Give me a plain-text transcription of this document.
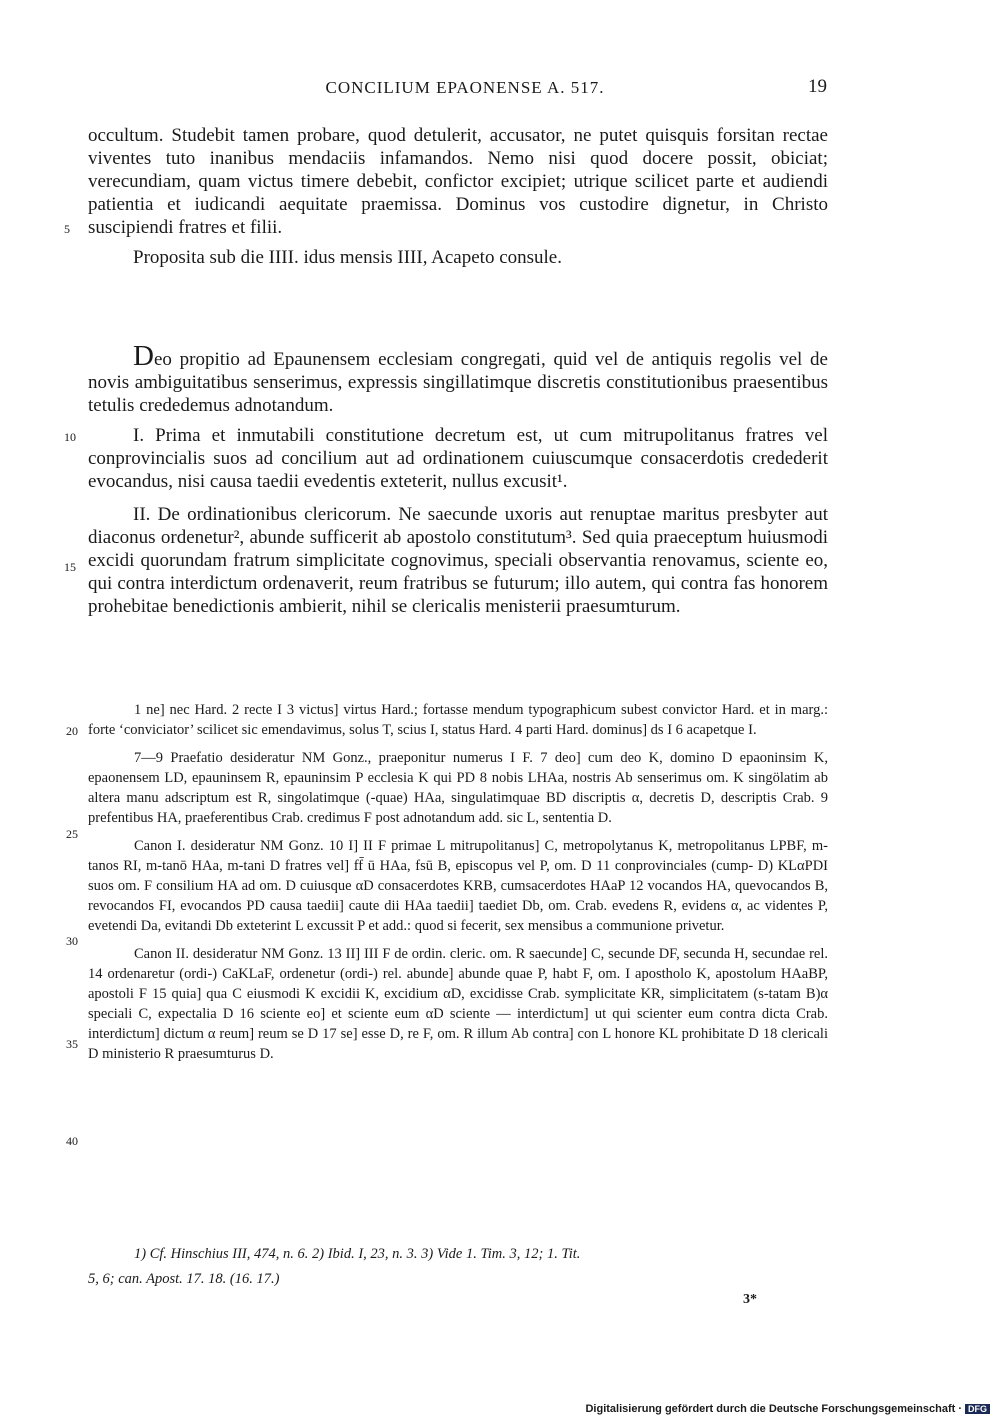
CONCILIUM EPAONENSE A. 517.	19

occultum. Studebit tamen probare, quod detulerit, accusator, ne putet quisquis forsitan rectae viventes tuto inanibus mendaciis infamandos. Nemo nisi quod docere possit, obiciat; verecundiam, quam victus timere debebit, confictor excipiet; utrique scilicet parte et audiendi patientia et iudicandi aequitate praemissa. Dominus vos custodire dignetur, in Christo suscipiendi fratres et filii.

5

Proposita sub die IIII. idus mensis IIII, Acapeto consule.

Deo propitio ad Epaunensem ecclesiam congregati, quid vel de antiquis regolis vel de novis ambiguitatibus senserimus, expressis singillatimque discretis constitutionibus praesentibus tetulis crededemus adnotandum.

10	I. Prima et inmutabili constitutione decretum est, ut cum mitrupolitanus fratres vel conprovincialis suos ad concilium aut ad ordinationem cuiuscumque consacerdotis credederit evocandus, nisi causa taedii evedentis exteterit, nullus excusit¹.

II. De ordinationibus clericorum. Ne saecunde uxoris aut renuptae maritus presbyter aut diaconus ordenetur², abunde sufficerit ab apostolo constitutum³. Sed quia praeceptum huiusmodi excidi quorundam fratrum simplicitate cognovimus, speciali observantia renovamus, sciente eo, qui contra interdictum ordenaverit, reum fratribus se futurum; illo autem, qui contra fas honorem prohebitae benedictionis ambierit, nihil se clericalis menisterii praesumturum.

15

1 ne] nec Hard. 2 recte I 3 victus] virtus Hard.; fortasse mendum typographicum subest convictor Hard. et in marg.: forte ‘conviciator’ scilicet sic emendavimus, solus T, scius I, status Hard. 4 parti Hard. dominus] ds I 6 acapetque I.

7—9 Praefatio desideratur NM Gonz., praeponitur numerus I F. 7 deo] cum deo K, domino D epaoninsim K, epaonensem LD, epauninsem R, epauninsim P ecclesia K qui PD 8 nobis LHAa, nostris Ab senserimus om. K singölatim ab altera manu adscriptum est R, singolatimque (-quae) HAa, singulatimquae BD discriptis α, decretis D, descriptis Crab. 9 prefentibus HA, praeferentibus Crab. credimus F post adnotandum add. sic L, sententia D.

Canon I. desideratur NM Gonz. 10 I] II F primae L mitrupolitanus] C, metropolytanus K, metropolitanus LPBF, m-tanos RI, m-tanō HAa, m-tani D fratres vel] ff̄ ū HAa, fsū B, episcopus vel P, om. D 11 conprovinciales (cump- D) KLαPDI suos om. F consilium HA ad om. D cuiusque αD consacerdotes KRB, cumsacerdotes HAaP 12 vocandos HA, quevocandos B, revocandos FI, evocandos PD causa taedii] caute dii HAa taedii] taediet Db, om. Crab. evedens R, evidens α, ac videntes P, evetendi Da, evitandi Db exteterint L excussit P et add.: quod si fecerit, sex mensibus a communione privetur.

Canon II. desideratur NM Gonz. 13 II] III F de ordin. cleric. om. R saecunde] C, secunde DF, secunda H, secundae rel. 14 ordenaretur (ordi-) CaKLaF, ordenetur (ordi-) rel. abunde] abunde quae P, habt F, om. I apostholo K, apostolum HAaBP, apostoli F 15 quia] qua C eiusmodi K excidii K, excidium αD, excidisse Crab. symplicitate KR, simplicitatem (s-tatam B)α speciali C, expectalia D 16 sciente eo] et sciente eum αD sciente — interdictum] ut qui scienter eum contra dicta Crab. interdictum] dictum α reum] reum se D 17 se] esse D, re F, om. R illum Ab contra] con L honore KL prohibitate D 18 clericali D ministerio R praesumturus D.

20
25
30
35
40
1) Cf. Hinschius III, 474, n. 6. 2) Ibid. I, 23, n. 3. 3) Vide 1. Tim. 3, 12; 1. Tit.
5, 6; can. Apost. 17. 18. (16. 17.)
3*
Digitalisierung gefördert durch die Deutsche Forschungsgemeinschaft · DFG
